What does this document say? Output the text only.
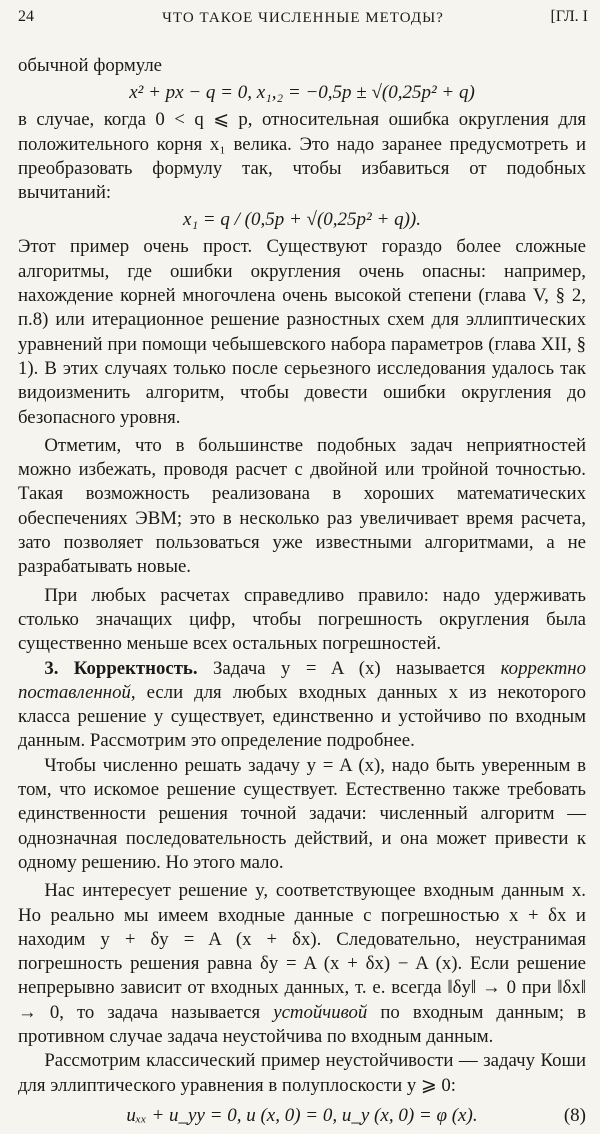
24	ЧТО ТАКОЕ ЧИСЛЕННЫЕ МЕТОДЫ?	[ГЛ. I

обычной формуле

x² + px − q = 0, x₁,₂ = −0,5p ± √(0,25p² + q)

в случае, когда 0 < q ⩽ p, относительная ошибка округления для положительного корня x₁ велика. Это надо заранее предусмотреть и преобразовать формулу так, чтобы избавиться от подобных вычитаний:

x₁ = q / (0,5p + √(0,25p² + q)).

Этот пример очень прост. Существуют гораздо более сложные алгоритмы, где ошибки округления очень опасны: например, нахождение корней многочлена очень высокой степени (глава V, § 2, п.8) или итерационное решение разностных схем для эллиптических уравнений при помощи чебышевского набора параметров (глава XII, § 1). В этих случаях только после серьезного исследования удалось так видоизменить алгоритм, чтобы довести ошибки округления до безопасного уровня.

Отметим, что в большинстве подобных задач неприятностей можно избежать, проводя расчет с двойной или тройной точностью. Такая возможность реализована в хороших математических обеспечениях ЭВМ; это в несколько раз увеличивает время расчета, зато позволяет пользоваться уже известными алгоритмами, а не разрабатывать новые.

При любых расчетах справедливо правило: надо удерживать столько значащих цифр, чтобы погрешность округления была существенно меньше всех остальных погрешностей.

3. Корректность. Задача y = A (x) называется корректно поставленной, если для любых входных данных x из некоторого класса решение y существует, единственно и устойчиво по входным данным. Рассмотрим это определение подробнее.

Чтобы численно решать задачу y = A (x), надо быть уверенным в том, что искомое решение существует. Естественно также требовать единственности решения точной задачи: численный алгоритм — однозначная последовательность действий, и она может привести к одному решению. Но этого мало.

Нас интересует решение y, соответствующее входным данным x. Но реально мы имеем входные данные с погрешностью x + δx и находим y + δy = A (x + δx). Следовательно, неустранимая погрешность решения равна δy = A (x + δx) − A (x). Если решение непрерывно зависит от входных данных, т. е. всегда ‖δy‖ → 0 при ‖δx‖ → 0, то задача называется устойчивой по входным данным; в противном случае задача неустойчива по входным данным.

Рассмотрим классический пример неустойчивости — задачу Коши для эллиптического уравнения в полуплоскости y ⩾ 0:

uₓₓ + u_yy = 0, u (x, 0) = 0, u_y (x, 0) = φ (x).	(8)
